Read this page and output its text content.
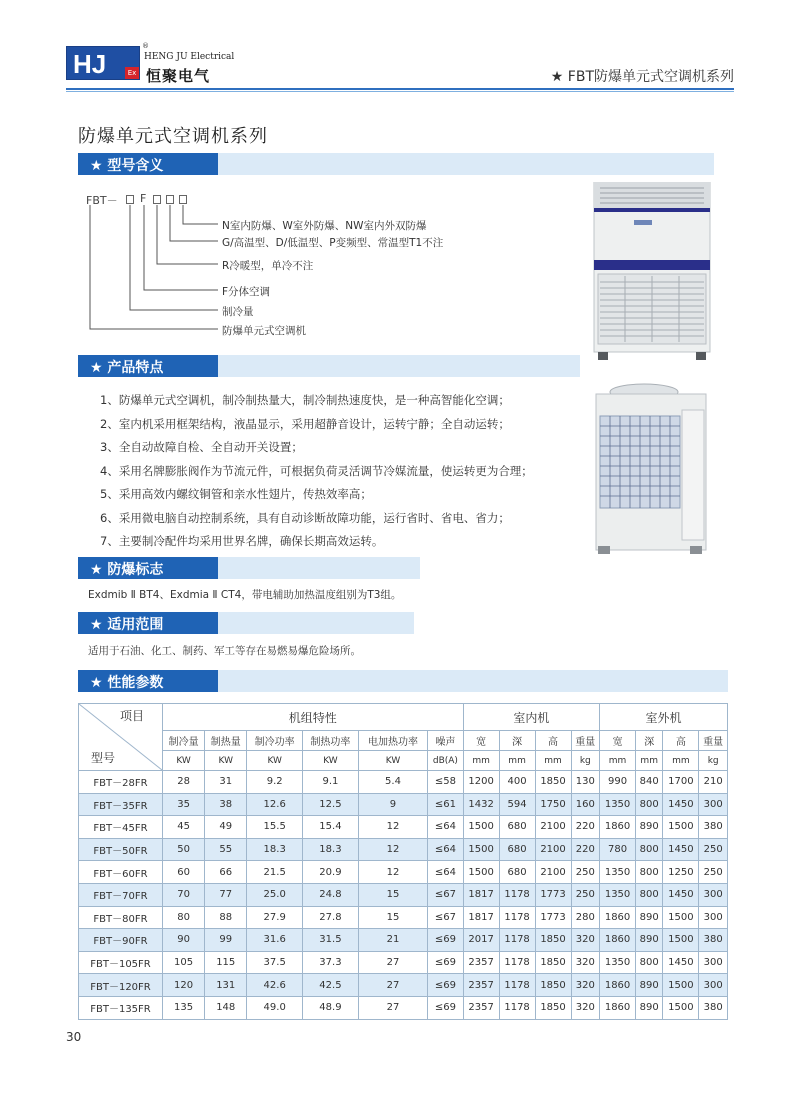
HJ	Ex
®
HENG JU Electrical
恒聚电气	★ FBT防爆单元式空调机系列
防爆单元式空调机系列
★ 型号含义
FBT－ F
N室内防爆、W室外防爆、NW室内外双防爆
G/高温型、D/低温型、P变频型、常温型T1不注
R冷暖型，单冷不注
F分体空调
制冷量
防爆单元式空调机
★ 产品特点
1、防爆单元式空调机，制冷制热量大，制冷制热速度快，是一种高智能化空调；
2、室内机采用框架结构，液晶显示，采用超静音设计，运转宁静；全自动运转；
3、全自动故障自检、全自动开关设置；
4、采用名牌膨胀阀作为节流元件，可根据负荷灵活调节冷媒流量，使运转更为合理；
5、采用高效内螺纹铜管和亲水性翅片，传热效率高；
6、采用微电脑自动控制系统，具有自动诊断故障功能，运行省时、省电、省力；
7、主要制冷配件均采用世界名牌，确保长期高效运转。
★ 防爆标志
Exdmib Ⅱ BT4、Exdmia Ⅱ CT4，带电辅助加热温度组别为T3组。
★ 适用范围
适用于石油、化工、制药、军工等存在易燃易爆危险场所。
★ 性能参数
项目
型号	机组特性						室内机				室外机			
	制冷量	制热量	制冷功率	制热功率	电加热功率	噪声	宽	深	高	重量	宽	深	高	重量
	KW	KW	KW	KW	KW	dB(A)	mm	mm	mm	kg	mm	mm	mm	kg
FBT－28FR	28	31	9.2	9.1	5.4	≤58	1200	400	1850	130	990	840	1700	210
FBT－35FR	35	38	12.6	12.5	9	≤61	1432	594	1750	160	1350	800	1450	300
FBT－45FR	45	49	15.5	15.4	12	≤64	1500	680	2100	220	1860	890	1500	380
FBT－50FR	50	55	18.3	18.3	12	≤64	1500	680	2100	220	780	800	1450	250
FBT－60FR	60	66	21.5	20.9	12	≤64	1500	680	2100	250	1350	800	1250	250
FBT－70FR	70	77	25.0	24.8	15	≤67	1817	1178	1773	250	1350	800	1450	300
FBT－80FR	80	88	27.9	27.8	15	≤67	1817	1178	1773	280	1860	890	1500	300
FBT－90FR	90	99	31.6	31.5	21	≤69	2017	1178	1850	320	1860	890	1500	380
FBT－105FR	105	115	37.5	37.3	27	≤69	2357	1178	1850	320	1350	800	1450	300
FBT－120FR	120	131	42.6	42.5	27	≤69	2357	1178	1850	320	1860	890	1500	300
FBT－135FR	135	148	49.0	48.9	27	≤69	2357	1178	1850	320	1860	890	1500	380
30
